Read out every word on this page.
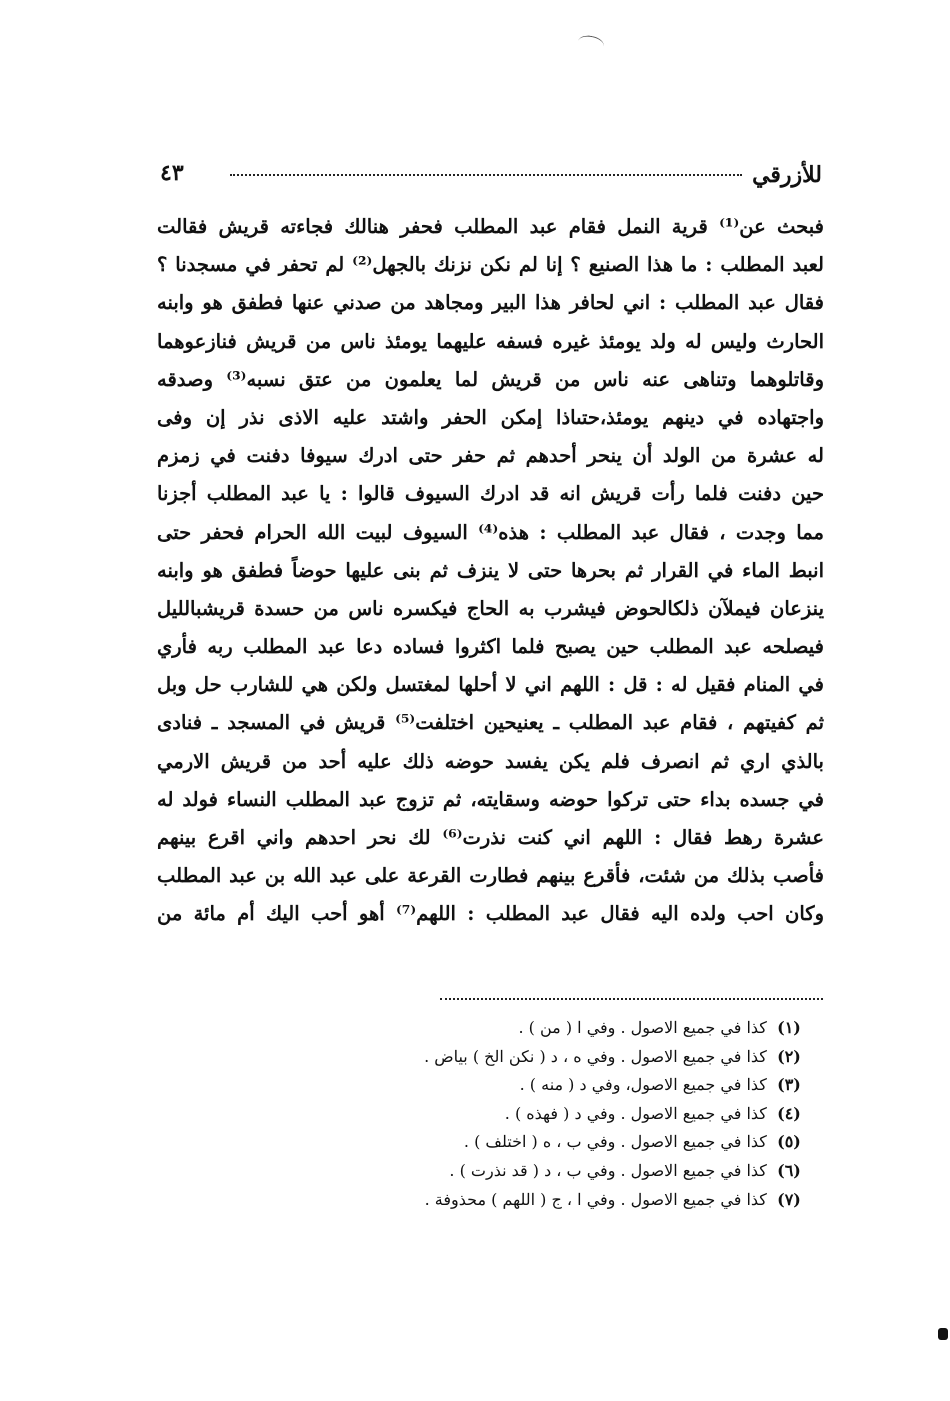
للأزرقي
٤٣
فبحث عن⁽¹⁾ قرية النمل فقام عبد المطلب فحفر هنالك فجاءته قريش فقالت
لعبد المطلب : ما هذا الصنيع ؟ إنا لم نكن نزنك بالجهل⁽²⁾ لم تحفر في مسجدنا ؟
فقال عبد المطلب : اني لحافر هذا البير ومجاهد من صدني عنها فطفق هو وابنه
الحارث وليس له ولد يومئذ غيره فسفه عليهما يومئذ ناس من قريش فنازعوهما
وقاتلوهما وتناهى عنه ناس من قريش لما يعلمون من عتق نسبه⁽³⁾ وصدقه
واجتهاده في دينهم يومئذ،حتىاذا إمكن الحفر واشتد عليه الاذى نذر إن وفى
له عشرة من الولد أن ينحر أحدهم ثم حفر حتى ادرك سيوفا دفنت في زمزم
حين دفنت فلما رأت قريش انه قد ادرك السيوف قالوا : يا عبد المطلب أجزنا
مما وجدت ، فقال عبد المطلب : هذه⁽⁴⁾ السيوف لبيت الله الحرام فحفر حتى
انبط الماء في القرار ثم بحرها حتى لا ينزف ثم بنى عليها حوضاً فطفق هو وابنه
ينزعان فيملآن ذلكالحوض فيشرب به الحاج فيكسره ناس من حسدة قريشبالليل
فيصلحه عبد المطلب حين يصبح فلما اكثروا فساده دعا عبد المطلب ربه فأري
في المنام فقيل له : قل : اللهم اني لا أحلها لمغتسل ولكن هي للشارب حل وبل
ثم كفيتهم ، فقام عبد المطلب ـ يعنيحين اختلفت⁽⁵⁾ قريش في المسجد ـ فنادى
بالذي اري ثم انصرف فلم يكن يفسد حوضه ذلك عليه أحد من قريش الارمي
في جسده بداء حتى تركوا حوضه وسقايته، ثم تزوج عبد المطلب النساء فولد له
عشرة رهط فقال : اللهم اني كنت نذرت⁽⁶⁾ لك نحر احدهم واني اقرع بينهم
فأصب بذلك من شئت، فأقرع بينهم فطارت القرعة على عبد الله بن عبد المطلب
وكان احب ولده اليه فقال عبد المطلب : اللهم⁽⁷⁾ أهو أحب اليك أم مائة من
(١) كذا في جميع الاصول . وفي ا ( من ) .
(٢) كذا في جميع الاصول . وفي ه ، د ( نكن الخ ) بياض .
(٣) كذا في جميع الاصول، وفي د ( منه ) .
(٤) كذا في جميع الاصول . وفي د ( فهذه ) .
(٥) كذا في جميع الاصول . وفي ب ، ه ( اختلف ) .
(٦) كذا في جميع الاصول . وفي ب ، د ( قد نذرت ) .
(٧) كذا في جميع الاصول . وفي ا ، ج ( اللهم ) محذوفة .
